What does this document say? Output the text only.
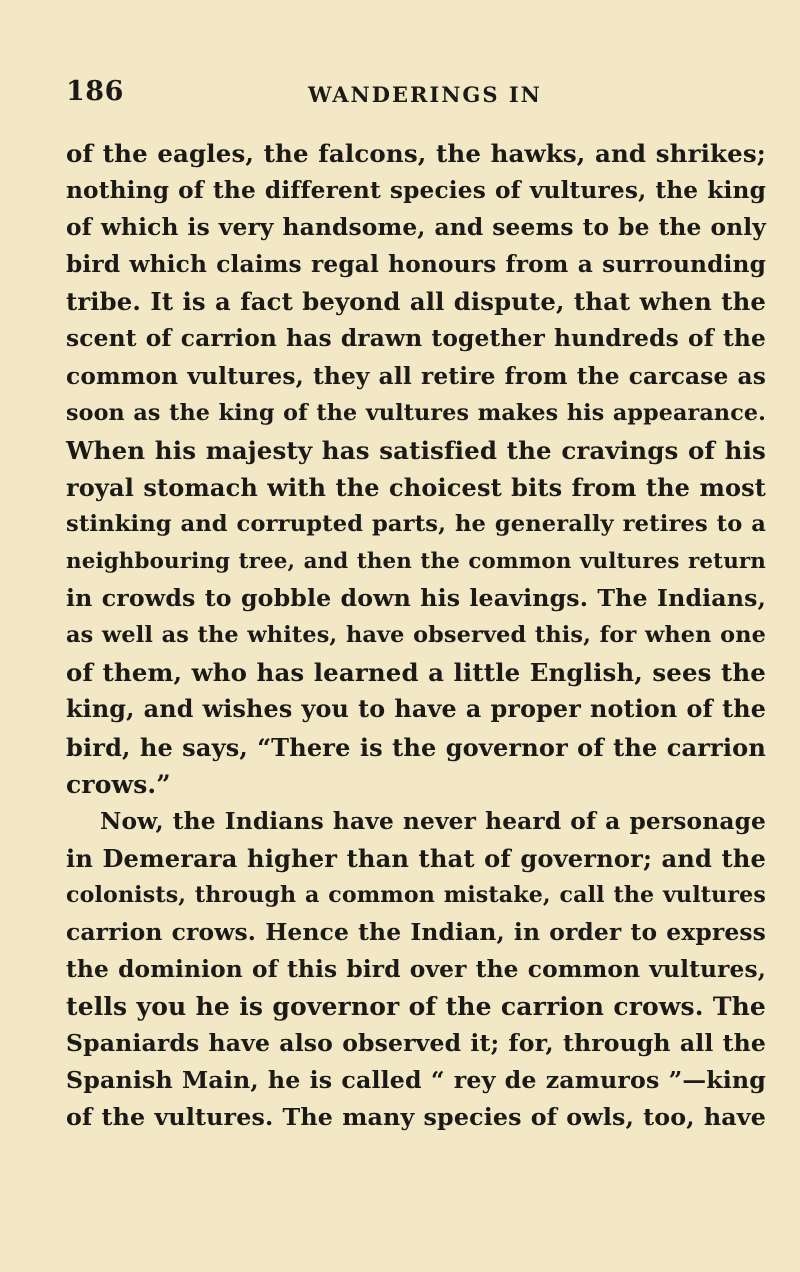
186	WANDERINGS IN
of the eagles, the falcons, the hawks, and shrikes;
nothing of the different species of vultures, the king
of which is very handsome, and seems to be the only
bird which claims regal honours from a surrounding
tribe. It is a fact beyond all dispute, that when the
scent of carrion has drawn together hundreds of the
common vultures, they all retire from the carcase as
soon as the king of the vultures makes his appearance.
When his majesty has satisfied the cravings of his
royal stomach with the choicest bits from the most
stinking and corrupted parts, he generally retires to a
neighbouring tree, and then the common vultures return
in crowds to gobble down his leavings. The Indians,
as well as the whites, have observed this, for when one
of them, who has learned a little English, sees the
king, and wishes you to have a proper notion of the
bird, he says, “There is the governor of the carrion
crows.”
Now, the Indians have never heard of a personage
in Demerara higher than that of governor; and the
colonists, through a common mistake, call the vultures
carrion crows. Hence the Indian, in order to express
the dominion of this bird over the common vultures,
tells you he is governor of the carrion crows. The
Spaniards have also observed it; for, through all the
Spanish Main, he is called “ rey de zamuros ”—king
of the vultures. The many species of owls, too, have
